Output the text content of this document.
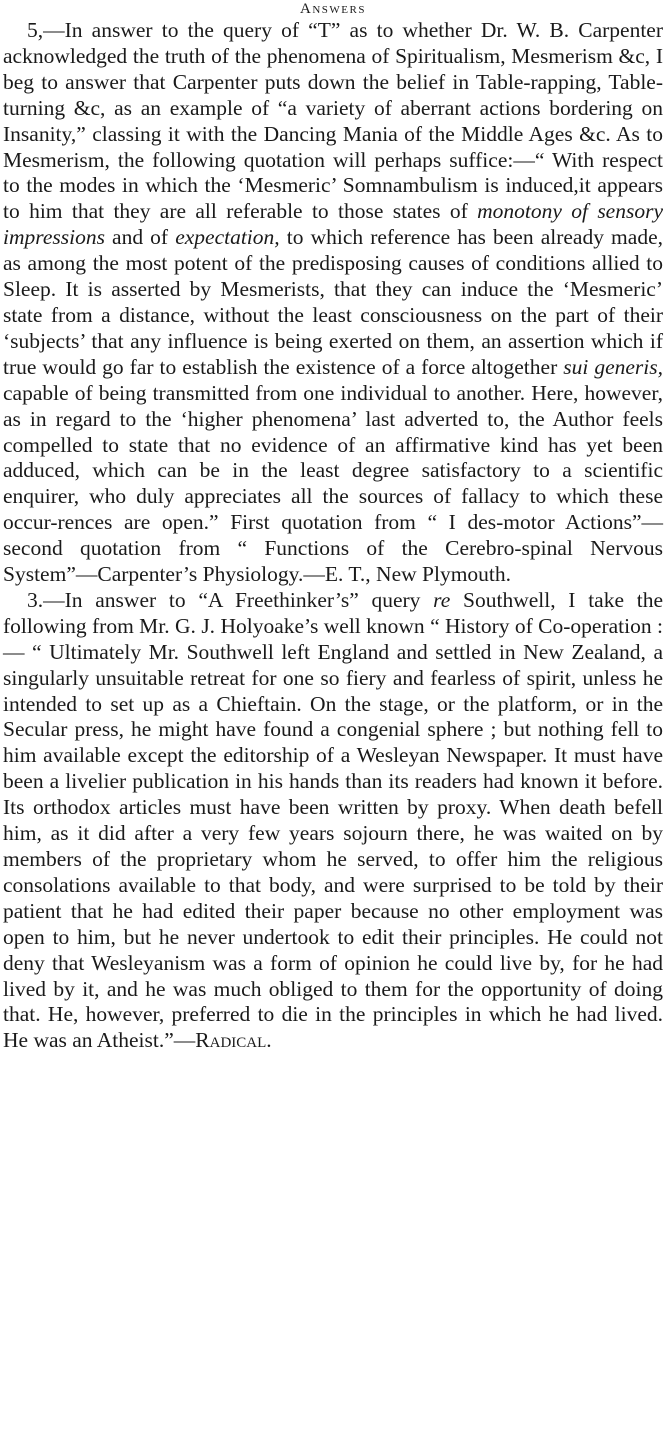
Answers

5,—In answer to the query of “T” as to whether Dr. W. B. Carpenter acknowledged the truth of the phenomena of Spiritualism, Mesmerism &c, I beg to answer that Carpenter puts down the belief in Table-rapping, Table-turning &c, as an example of “a variety of aberrant actions bordering on Insanity,” classing it with the Dancing Mania of the Middle Ages &c. As to Mesmerism, the following quotation will perhaps suffice:—“ With respect to the modes in which the ‘Mesmeric’ Somnambulism is induced,it appears to him that they are all referable to those states of monotony of sensory impressions and of expectation, to which reference has been already made, as among the most potent of the predisposing causes of conditions allied to Sleep. It is asserted by Mesmerists, that they can induce the ‘Mesmeric’ state from a distance, without the least consciousness on the part of their ‘subjects’ that any influence is being exerted on them, an assertion which if true would go far to establish the existence of a force altogether sui generis, capable of being transmitted from one individual to another. Here, however, as in regard to the ‘higher phenomena’ last adverted to, the Author feels compelled to state that no evidence of an affirmative kind has yet been adduced, which can be in the least degree satisfactory to a scientific enquirer, who duly appreciates all the sources of fallacy to which these occur-rences are open.” First quotation from “ I des-motor Actions”—second quotation from “ Functions of the Cerebro-spinal Nervous System”—Carpenter’s Physiology.—E. T., New Plymouth.

3.—In answer to “A Freethinker’s” query re Southwell, I take the following from Mr. G. J. Holyoake’s well known “ History of Co-operation :— “ Ultimately Mr. Southwell left England and settled in New Zealand, a singularly unsuitable retreat for one so fiery and fearless of spirit, unless he intended to set up as a Chieftain. On the stage, or the platform, or in the Secular press, he might have found a congenial sphere ; but nothing fell to him available except the editorship of a Wesleyan Newspaper. It must have been a livelier publication in his hands than its readers had known it before. Its orthodox articles must have been written by proxy. When death befell him, as it did after a very few years sojourn there, he was waited on by members of the proprietary whom he served, to offer him the religious consolations available to that body, and were surprised to be told by their patient that he had edited their paper because no other employment was open to him, but he never undertook to edit their principles. He could not deny that Wesleyanism was a form of opinion he could live by, for he had lived by it, and he was much obliged to them for the opportunity of doing that. He, however, preferred to die in the principles in which he had lived. He was an Atheist.”—Radical.
